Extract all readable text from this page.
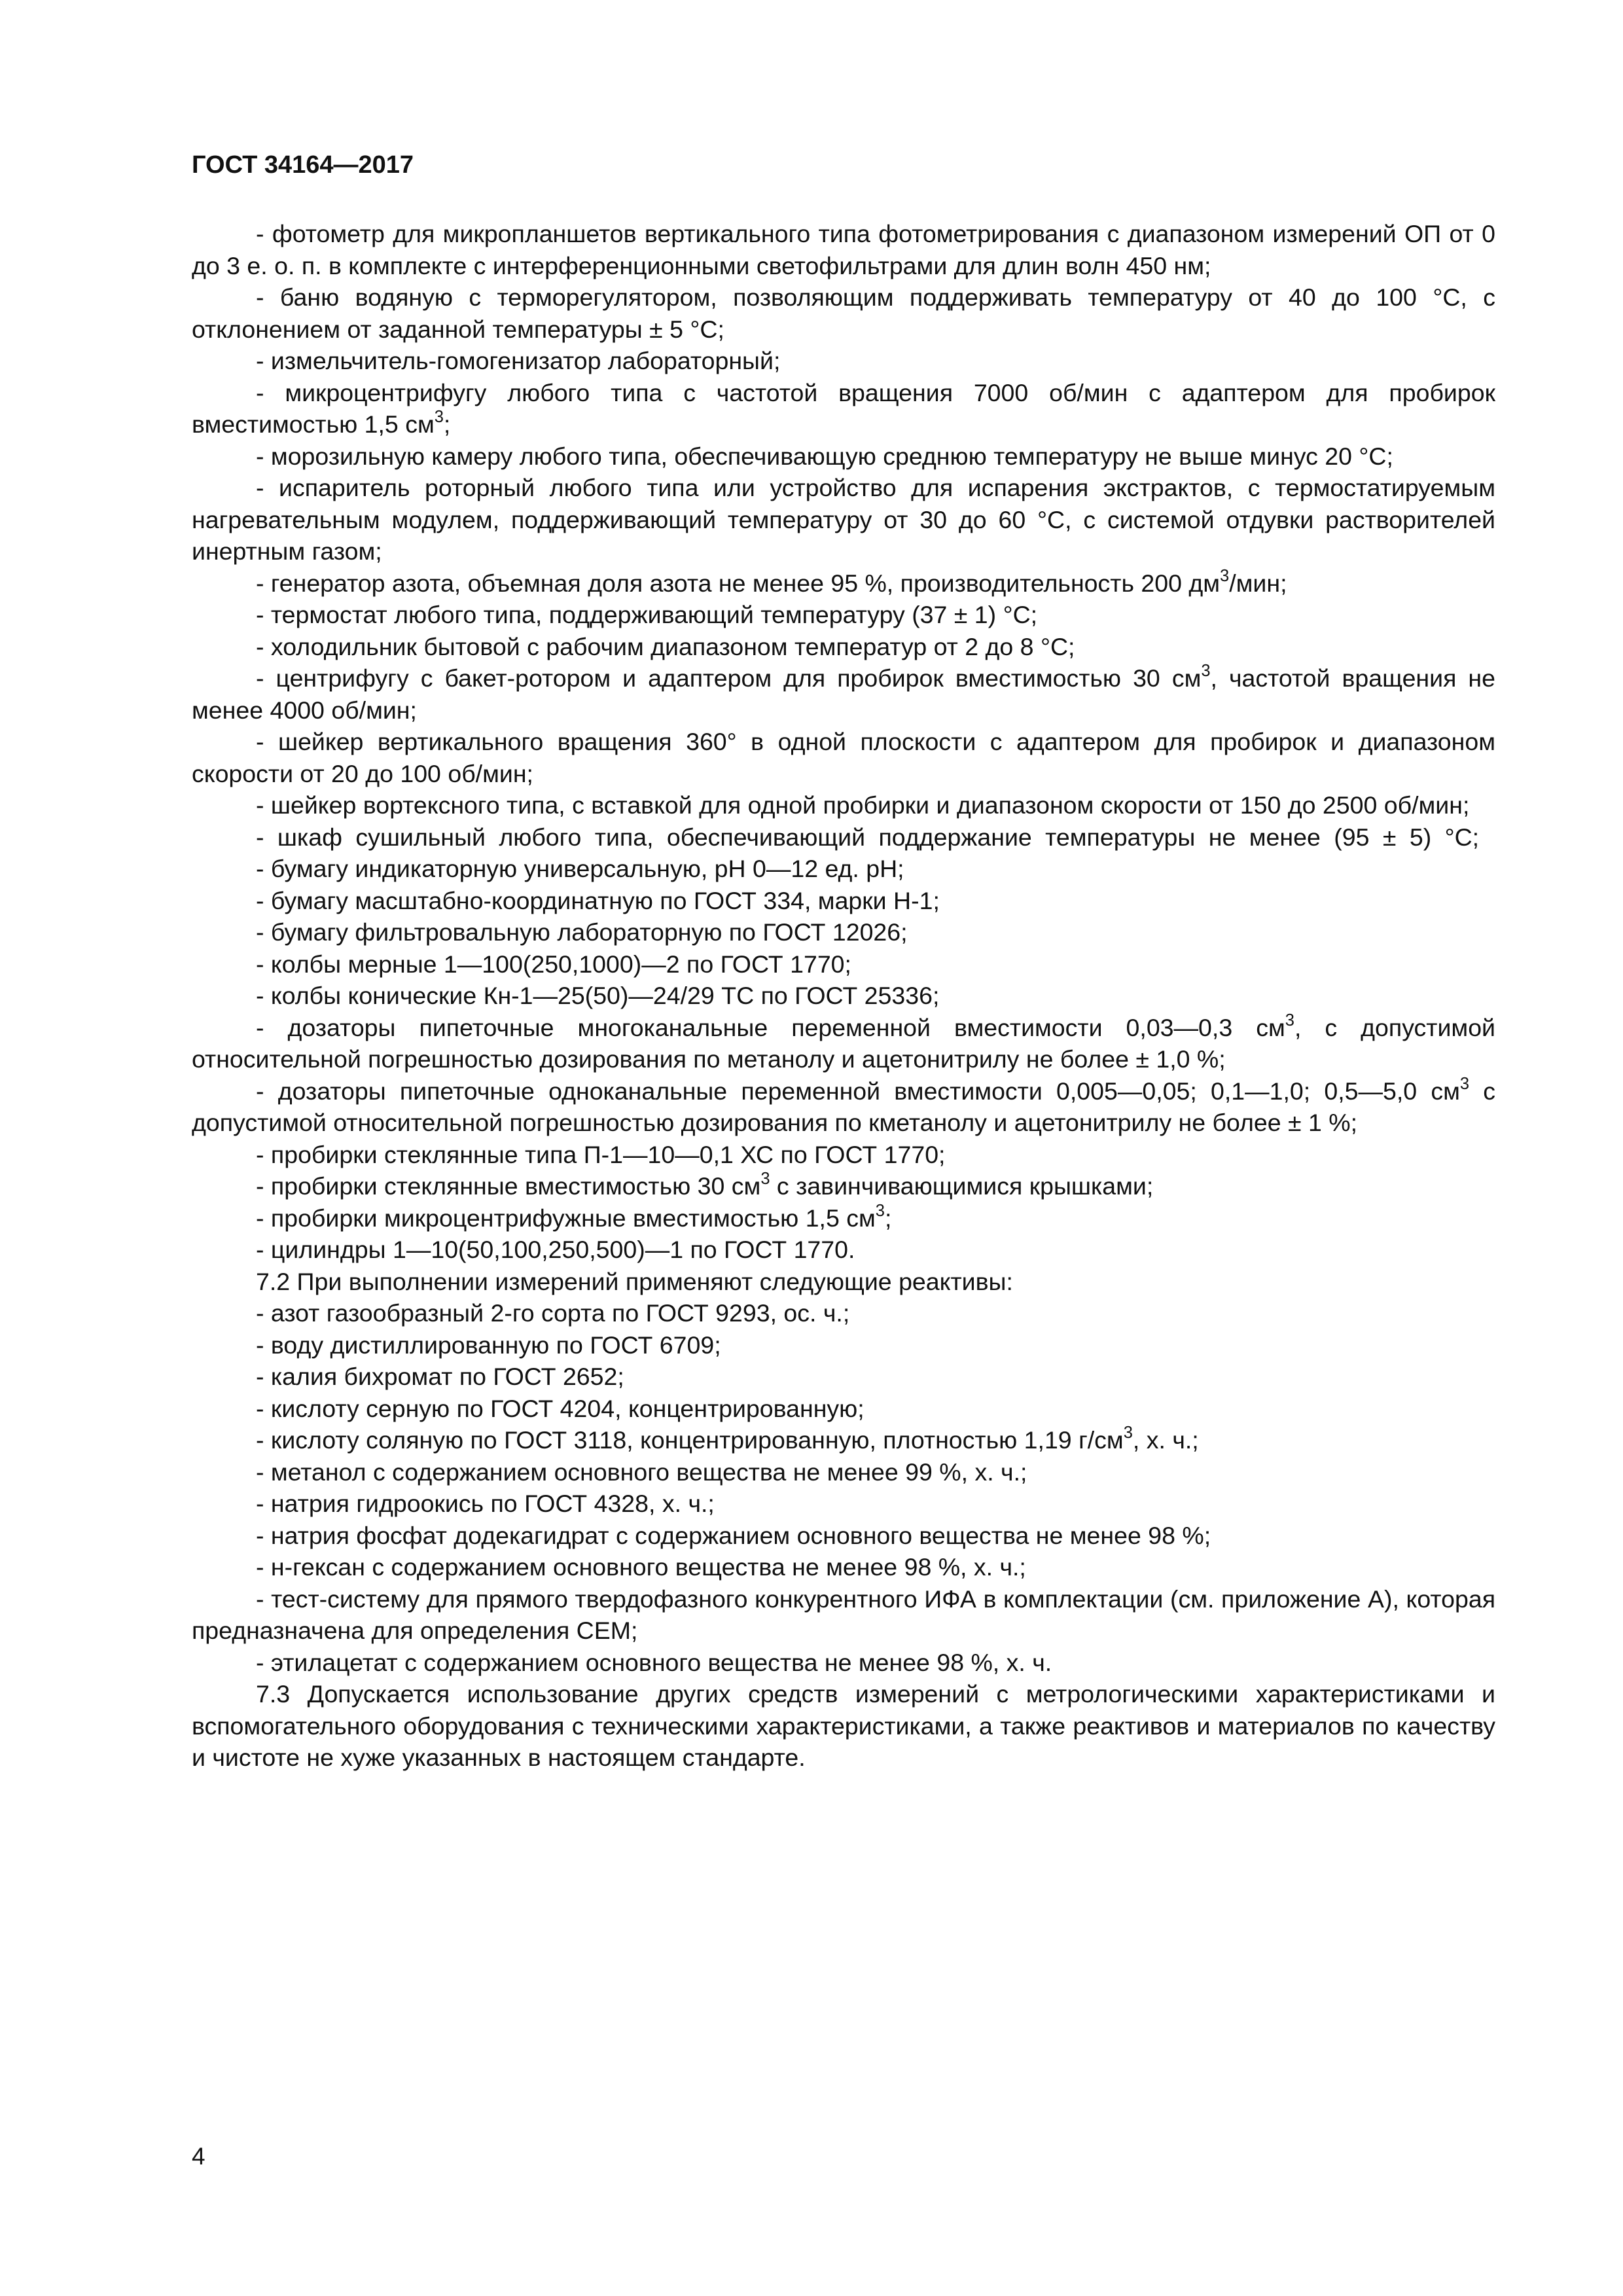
ГОСТ 34164—2017

- фотометр для микропланшетов вертикального типа фотометрирования с диапазоном измерений ОП от 0 до 3 е. о. п. в комплекте с интерференционными светофильтрами для длин волн 450 нм;

- баню водяную с терморегулятором, позволяющим поддерживать температуру от 40 до 100 °С, с отклонением от заданной температуры ± 5 °С;

- измельчитель-гомогенизатор лабораторный;

- микроцентрифугу любого типа с частотой вращения 7000 об/мин с адаптером для пробирок вместимостью 1,5 $см^3$;

- морозильную камеру любого типа, обеспечивающую среднюю температуру не выше минус 20 °С;

- испаритель роторный любого типа или устройство для испарения экстрактов, с термостатируемым нагревательным модулем, поддерживающий температуру от 30 до 60 °С, с системой отдувки растворителей инертным газом;

- генератор азота, объемная доля азота не менее 95 %, производительность 200 $дм^3$/мин;

- термостат любого типа, поддерживающий температуру (37 ± 1) °С;

- холодильник бытовой с рабочим диапазоном температур от 2 до 8 °С;

- центрифугу с бакет-ротором и адаптером для пробирок вместимостью 30 $см^3$, частотой вращения не менее 4000 об/мин;

- шейкер вертикального вращения 360° в одной плоскости с адаптером для пробирок и диапазоном скорости от 20 до 100 об/мин;

- шейкер вортексного типа, с вставкой для одной пробирки и диапазоном скорости от 150 до 2500 об/мин;

- шкаф сушильный любого типа, обеспечивающий поддержание температуры не менее (95 ± 5) °С;

- бумагу индикаторную универсальную, рН 0—12 ед. рН;

- бумагу масштабно-координатную по ГОСТ 334, марки Н-1;

- бумагу фильтровальную лабораторную по ГОСТ 12026;

- колбы мерные 1—100(250,1000)—2 по ГОСТ 1770;

- колбы конические Кн-1—25(50)—24/29 ТС по ГОСТ 25336;

- дозаторы пипеточные многоканальные переменной вместимости 0,03—0,3 $см^3$, с допустимой относительной погрешностью дозирования по метанолу и ацетонитрилу не более ± 1,0 %;

- дозаторы пипеточные одноканальные переменной вместимости 0,005—0,05; 0,1—1,0; 0,5—5,0 $см^3$ с допустимой относительной погрешностью дозирования по кметанолу и ацетонитрилу не более ± 1 %;

- пробирки стеклянные типа П-1—10—0,1 ХС по ГОСТ 1770;

- пробирки стеклянные вместимостью 30 $см^3$ с завинчивающимися крышками;

- пробирки микроцентрифужные вместимостью 1,5 $см^3$;

- цилиндры 1—10(50,100,250,500)—1 по ГОСТ 1770.

7.2 При выполнении измерений применяют следующие реактивы:

- азот газообразный 2-го сорта по ГОСТ 9293, ос. ч.;

- воду дистиллированную по ГОСТ 6709;

- калия бихромат по ГОСТ 2652;

- кислоту серную по ГОСТ 4204, концентрированную;

- кислоту соляную по ГОСТ 3118, концентрированную, плотностью 1,19 $г/см^3$, х. ч.;

- метанол с содержанием основного вещества не менее 99 %, х. ч.;

- натрия гидроокись по ГОСТ 4328, х. ч.;

- натрия фосфат додекагидрат с содержанием основного вещества не менее 98 %;

- н-гексан с содержанием основного вещества не менее 98 %, х. ч.;

- тест-систему для прямого твердофазного конкурентного ИФА в комплектации (см. приложение А), которая предназначена для определения СЕМ;

- этилацетат с содержанием основного вещества не менее 98 %, х. ч.

7.3 Допускается использование других средств измерений с метрологическими характеристиками и вспомогательного оборудования с техническими характеристиками, а также реактивов и материалов по качеству и чистоте не хуже указанных в настоящем стандарте.

4
